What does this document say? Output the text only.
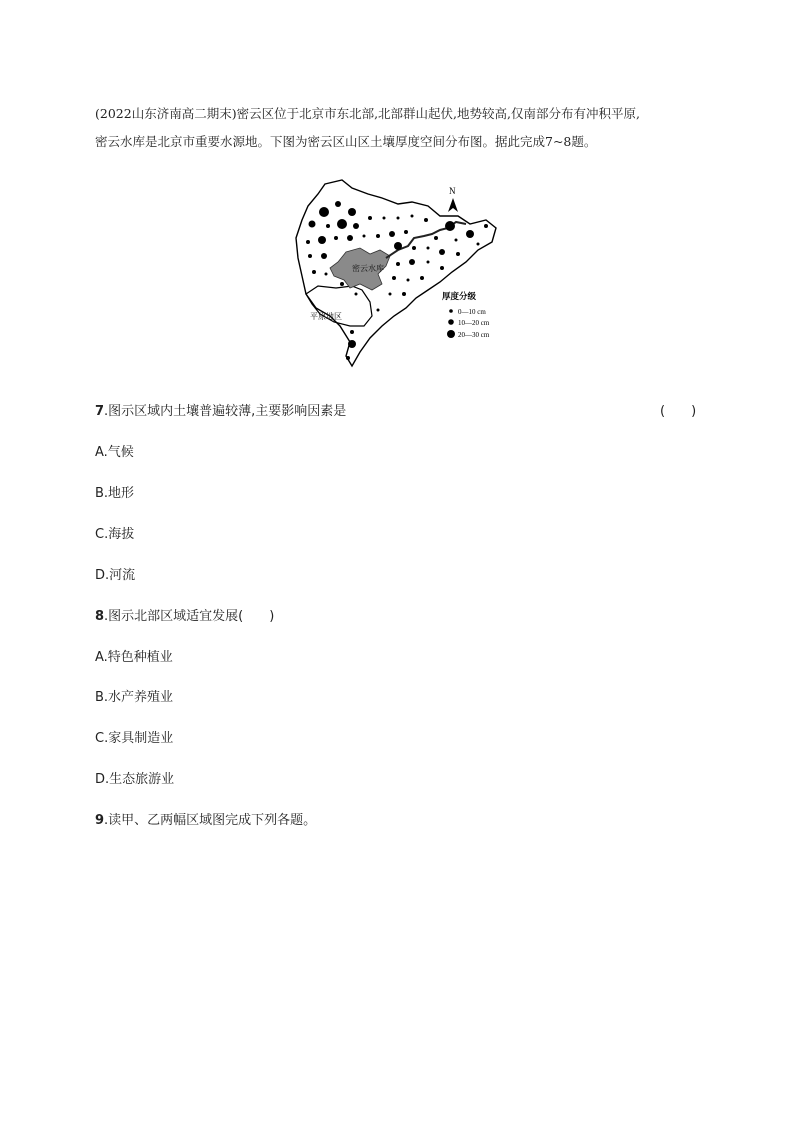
(2022山东济南高二期末)密云区位于北京市东北部,北部群山起伏,地势较高,仅南部分布有冲积平原,

密云水库是北京市重要水源地。下图为密云区山区土壤厚度空间分布图。据此完成7~8题。

密云水库
平原地区
N
厚度分级
0—10 cm
10—20 cm
20—30 cm
7.图示区域内土壤普遍较薄,主要影响因素是	(　　)
A.气候
B.地形
C.海拔
D.河流
8.图示北部区域适宜发展(　　)
A.特色种植业
B.水产养殖业
C.家具制造业
D.生态旅游业
9.读甲、乙两幅区域图完成下列各题。
